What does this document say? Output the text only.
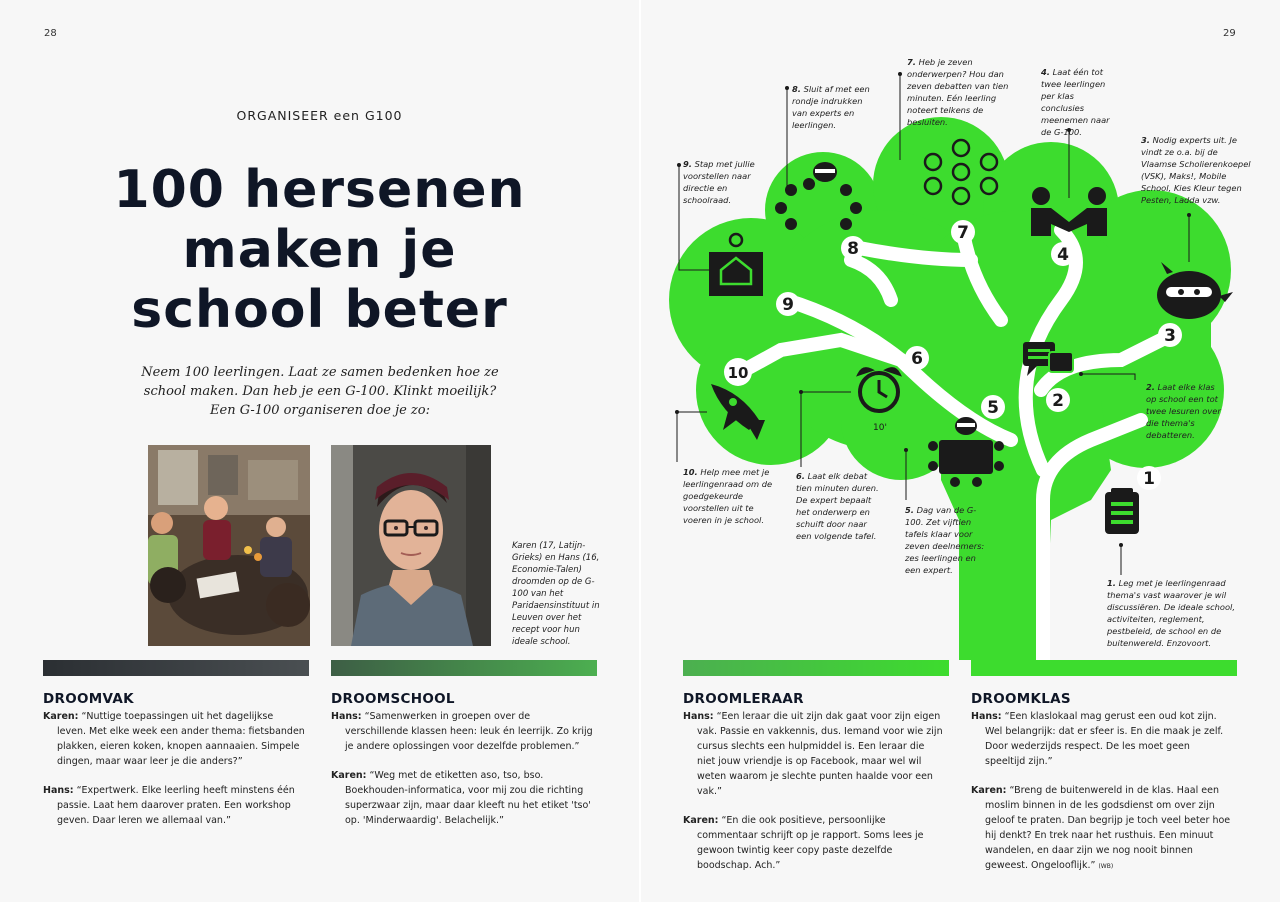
28
ORGANISEER een G100
100 hersenen
maken je
school beter
Neem 100 leerlingen. Laat ze samen bedenken hoe ze
school maken. Dan heb je een G-100. Klinkt moeilijk?
Een G-100 organiseren doe je zo:
Karen (17, Latijn-Grieks) en Hans (16, Economie-Talen) droomden op de G-100 van het Paridaensinstituut in Leuven over het recept voor hun ideale school.
DROOMVAK

Karen: “Nuttige toepassingen uit het dagelijkse leven. Met elke week een ander thema: fietsbanden plakken, eieren koken, knopen aannaaien. Simpele dingen, maar waar leer je die anders?”

Hans: “Expertwerk. Elke leerling heeft minstens één passie. Laat hem daarover praten. Een workshop geven. Daar leren we allemaal van.”

DROOMSCHOOL

Hans: “Samenwerken in groepen over de verschillende klassen heen: leuk én leerrijk. Zo krijg je andere oplossingen voor dezelfde problemen.”

Karen: “Weg met de etiketten aso, tso, bso. Boekhouden-informatica, voor mij zou die richting superzwaar zijn, maar daar kleeft nu het etiket 'tso' op. 'Minderwaardig'. Belachelijk.”

29
1
2
3
4
5
6
7
8
9
10
10'
1. Leg met je leerlingenraad thema's vast waarover je wil discussiëren. De ideale school, activiteiten, reglement, pestbeleid, de school en de buitenwereld. Enzovoort.
2. Laat elke klas op school een tot twee lesuren over die thema's debatteren.
3. Nodig experts uit. Je vindt ze o.a. bij de Vlaamse Scholierenkoepel (VSK), Maks!, Mobile School, Kies Kleur tegen Pesten, Ladda vzw.
4. Laat één tot twee leerlingen per klas conclusies meenemen naar de G-100.
5. Dag van de G-100. Zet vijftien tafels klaar voor zeven deelnemers: zes leerlingen en een expert.
6. Laat elk debat tien minuten duren. De expert bepaalt het onderwerp en schuift door naar een volgende tafel.
7. Heb je zeven onderwerpen? Hou dan zeven debatten van tien minuten. Eén leerling noteert telkens de besluiten.
8. Sluit af met een rondje indrukken van experts en leerlingen.
9. Stap met jullie voorstellen naar directie en schoolraad.
10. Help mee met je leerlingenraad om de goedgekeurde voorstellen uit te voeren in je school.
DROOMLERAAR

Hans: “Een leraar die uit zijn dak gaat voor zijn eigen vak. Passie en vakkennis, dus. Iemand voor wie zijn cursus slechts een hulpmiddel is. Een leraar die niet jouw vriendje is op Facebook, maar wel wil weten waarom je slechte punten haalde voor een vak.”

Karen: “En die ook positieve, persoonlijke commentaar schrijft op je rapport. Soms lees je gewoon twintig keer copy paste dezelfde boodschap. Ach.”

DROOMKLAS

Hans: “Een klaslokaal mag gerust een oud kot zijn. Wel belangrijk: dat er sfeer is. En die maak je zelf. Door wederzijds respect. De les moet geen speeltijd zijn.”

Karen: “Breng de buitenwereld in de klas. Haal een moslim binnen in de les godsdienst om over zijn geloof te praten. Dan begrijp je toch veel beter hoe hij denkt? En trek naar het rusthuis. Een minuut wandelen, en daar zijn we nog nooit binnen geweest. Ongelooflijk.” (WB)
